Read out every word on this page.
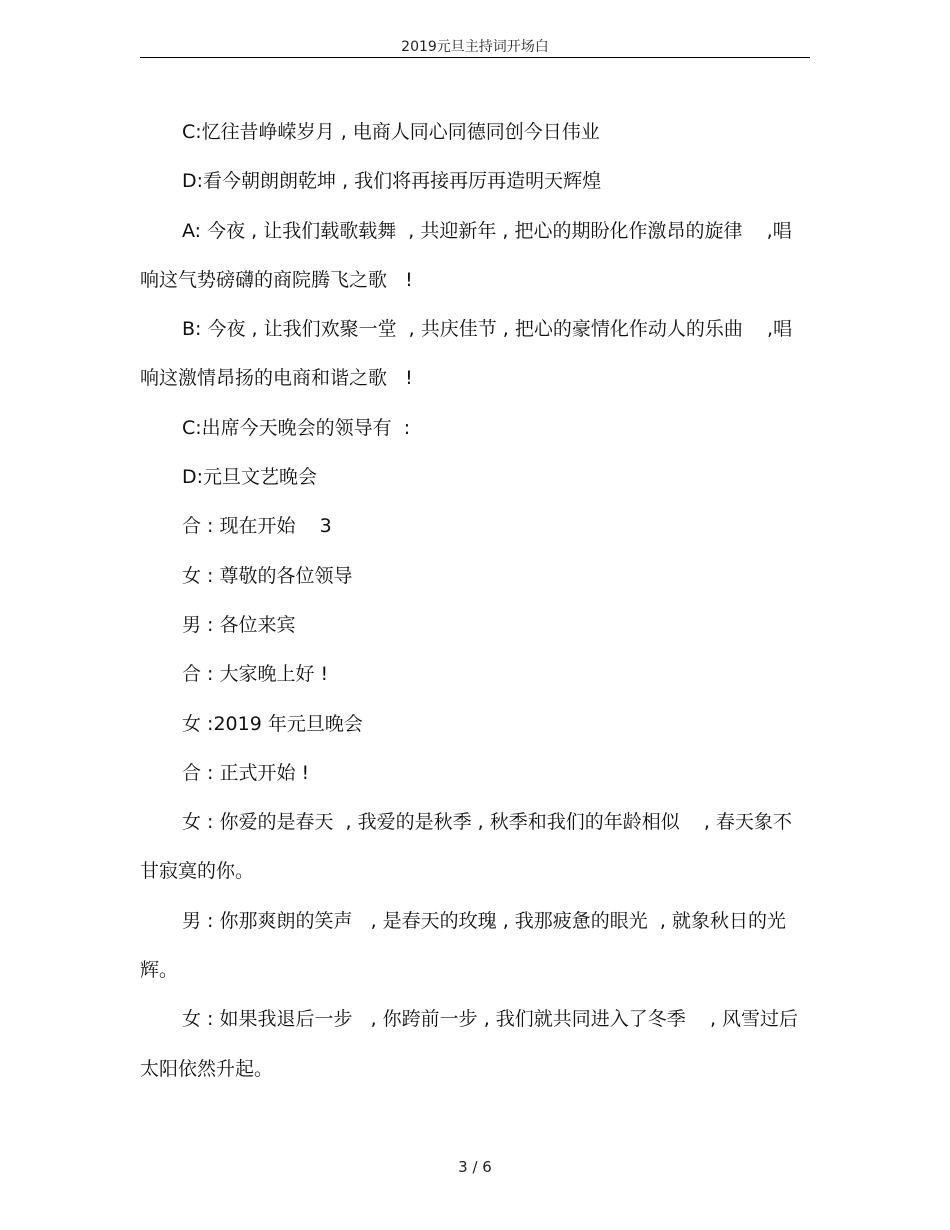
2019元旦主持词开场白

C:忆往昔峥嵘岁月 , 电商人同心同德同创今日伟业

D:看今朝朗朗乾坤 , 我们将再接再厉再造明天辉煌

A: 今夜 , 让我们载歌载舞  , 共迎新年 , 把心的期盼化作激昂的旋律    ,唱响这气势磅礴的商院腾飞之歌   !

B: 今夜 , 让我们欢聚一堂  , 共庆佳节 , 把心的豪情化作动人的乐曲    ,唱响这激情昂扬的电商和谐之歌   !

C:出席今天晚会的领导有  :

D:元旦文艺晚会

合 : 现在开始    3

女 : 尊敬的各位领导

男 : 各位来宾

合 : 大家晚上好 !

女 :2019 年元旦晚会

合 : 正式开始 !

女 : 你爱的是春天  , 我爱的是秋季 , 秋季和我们的年龄相似    , 春天象不甘寂寞的你。

男 : 你那爽朗的笑声   , 是春天的玫瑰 , 我那疲惫的眼光  , 就象秋日的光辉。

女 : 如果我退后一步   , 你跨前一步 , 我们就共同进入了冬季    , 风雪过后太阳依然升起。

3 / 6
